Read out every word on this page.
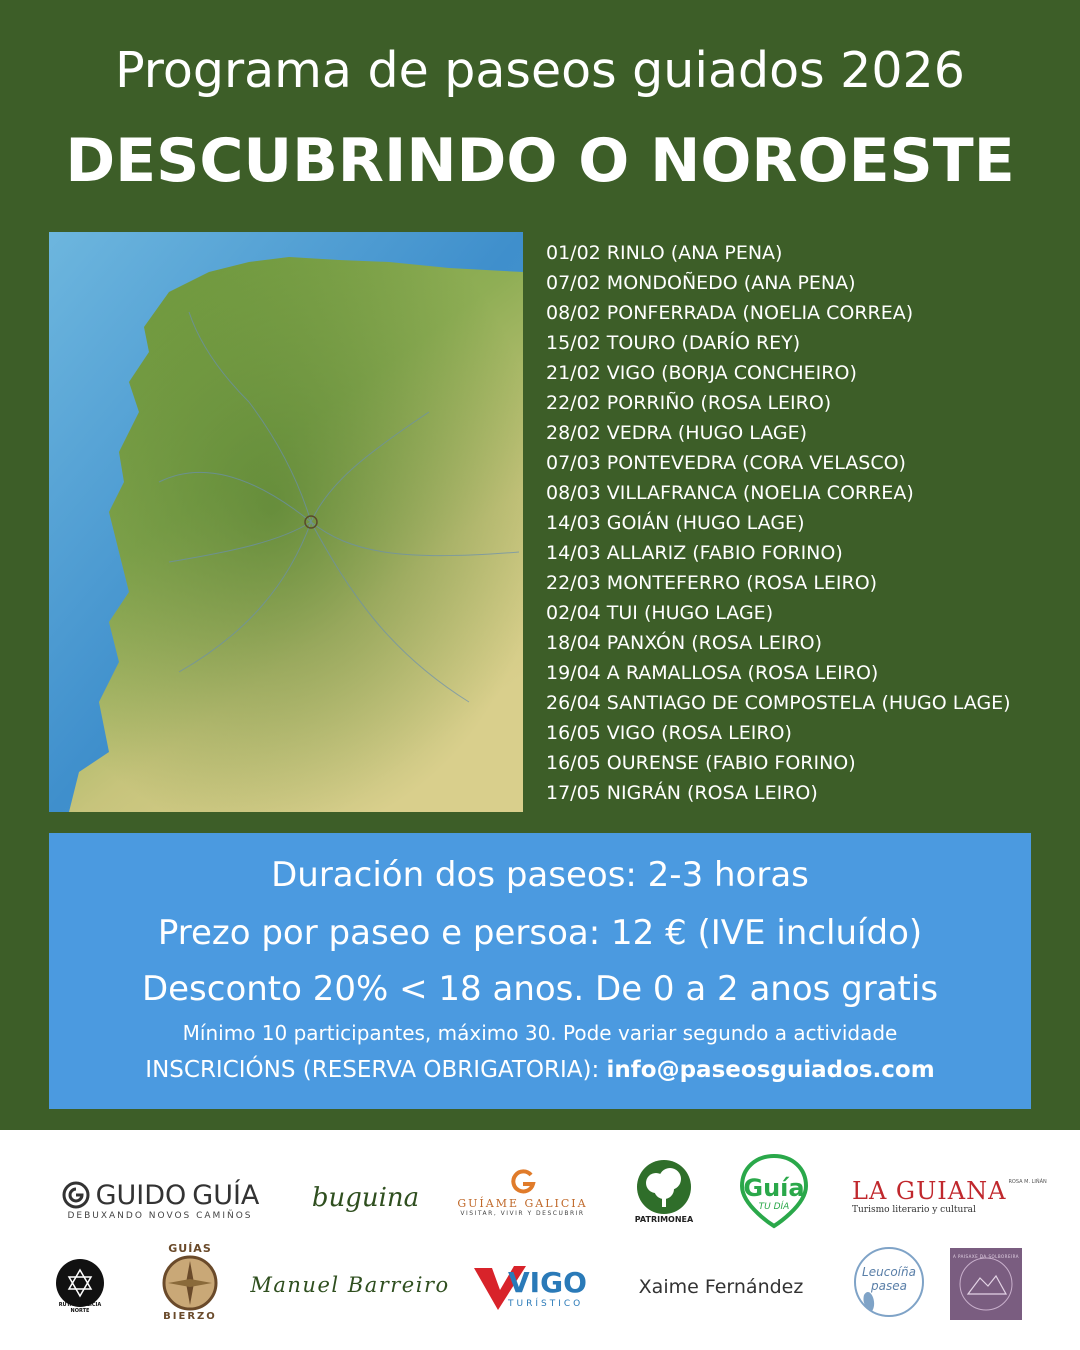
Programa de paseos guiados 2026
DESCUBRINDO O NOROESTE
01/02 RINLO (ANA PENA)
07/02 MONDOÑEDO (ANA PENA)
08/02 PONFERRADA (NOELIA CORREA)
15/02 TOURO (DARÍO REY)
21/02 VIGO (BORJA CONCHEIRO)
22/02 PORRIÑO (ROSA LEIRO)
28/02 VEDRA (HUGO LAGE)
07/03 PONTEVEDRA (CORA VELASCO)
08/03 VILLAFRANCA (NOELIA CORREA)
14/03 GOIÁN (HUGO LAGE)
14/03 ALLARIZ (FABIO FORINO)
22/03 MONTEFERRO (ROSA LEIRO)
02/04 TUI (HUGO LAGE)
18/04 PANXÓN (ROSA LEIRO)
19/04 A RAMALLOSA (ROSA LEIRO)
26/04 SANTIAGO DE COMPOSTELA (HUGO LAGE)
16/05 VIGO (ROSA LEIRO)
16/05 OURENSE (FABIO FORINO)
17/05 NIGRÁN (ROSA LEIRO)
Duración dos paseos: 2-3 horas
Prezo por paseo e persoa: 12 € (IVE incluído)
Desconto 20% < 18 anos. De 0 a 2 anos gratis
Mínimo 10 participantes, máximo 30. Pode variar segundo a actividade
INSCRICIÓNS (RESERVA OBRIGATORIA): info@paseosguiados.com
GUIDO GUÍA
DEBUXANDO NOVOS CAMIÑOS
buguina	GUÍAME GALICIA
VISITAR, VIVIR Y DESCUBRIR
PATRIMONEA
Guía
TU DÍA
LA GUIANA ROSA M. LIÑÁN
Turismo literario y cultural
BORIS VILAS
RUTAS GALICIA NORTE
GUÍAS
BIERZO
Manuel Barreiro VIGO
TURÍSTICO
Xaime Fernández
Leucoíña
pasea
A PAISAXE DA SOLBOREIRA
